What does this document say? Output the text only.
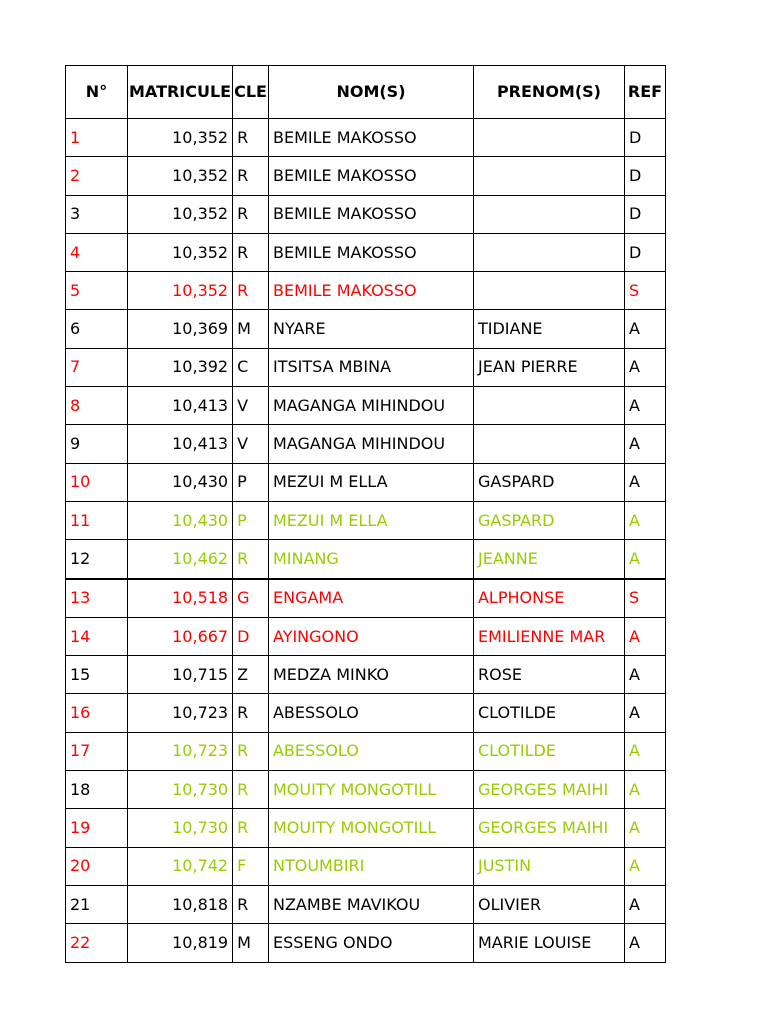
N°	MATRICULE	CLE	NOM(S)	PRENOM(S)	REF
1	10,352	R	BEMILE MAKOSSO		D
2	10,352	R	BEMILE MAKOSSO		D
3	10,352	R	BEMILE MAKOSSO		D
4	10,352	R	BEMILE MAKOSSO		D
5	10,352	R	BEMILE MAKOSSO		S
6	10,369	M	NYARE	TIDIANE	A
7	10,392	C	ITSITSA MBINA	JEAN PIERRE	A
8	10,413	V	MAGANGA MIHINDOU		A
9	10,413	V	MAGANGA MIHINDOU		A
10	10,430	P	MEZUI M ELLA	GASPARD	A
11	10,430	P	MEZUI M ELLA	GASPARD	A
12	10,462	R	MINANG	JEANNE	A
13	10,518	G	ENGAMA	ALPHONSE	S
14	10,667	D	AYINGONO	EMILIENNE MAR	A
15	10,715	Z	MEDZA MINKO	ROSE	A
16	10,723	R	ABESSOLO	CLOTILDE	A
17	10,723	R	ABESSOLO	CLOTILDE	A
18	10,730	R	MOUITY MONGOTILL	GEORGES MAIHI	A
19	10,730	R	MOUITY MONGOTILL	GEORGES MAIHI	A
20	10,742	F	NTOUMBIRI	JUSTIN	A
21	10,818	R	NZAMBE MAVIKOU	OLIVIER	A
22	10,819	M	ESSENG ONDO	MARIE LOUISE	A
